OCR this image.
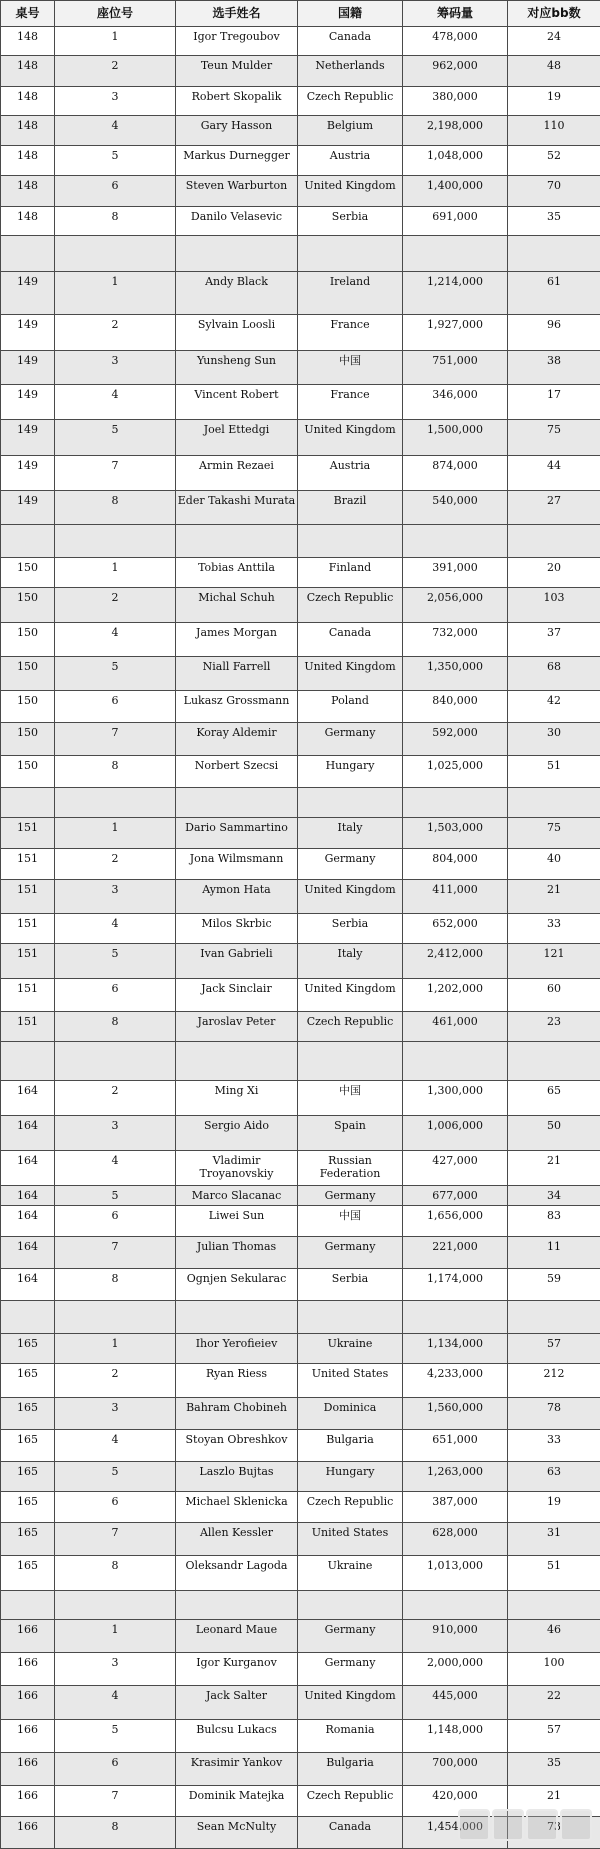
桌号	座位号	选手姓名	国籍	筹码量	对应bb数
148	1	Igor Tregoubov	Canada	478,000	24
148	2	Teun Mulder	Netherlands	962,000	48
148	3	Robert Skopalik	Czech Republic	380,000	19
148	4	Gary Hasson	Belgium	2,198,000	110
148	5	Markus Durnegger	Austria	1,048,000	52
148	6	Steven Warburton	United Kingdom	1,400,000	70
148	8	Danilo Velasevic	Serbia	691,000	35

149	1	Andy Black	Ireland	1,214,000	61
149	2	Sylvain Loosli	France	1,927,000	96
149	3	Yunsheng Sun	中国	751,000	38
149	4	Vincent Robert	France	346,000	17
149	5	Joel Ettedgi	United Kingdom	1,500,000	75
149	7	Armin Rezaei	Austria	874,000	44
149	8	Eder Takashi Murata	Brazil	540,000	27

150	1	Tobias Anttila	Finland	391,000	20
150	2	Michal Schuh	Czech Republic	2,056,000	103
150	4	James Morgan	Canada	732,000	37
150	5	Niall Farrell	United Kingdom	1,350,000	68
150	6	Lukasz Grossmann	Poland	840,000	42
150	7	Koray Aldemir	Germany	592,000	30
150	8	Norbert Szecsi	Hungary	1,025,000	51

151	1	Dario Sammartino	Italy	1,503,000	75
151	2	Jona Wilmsmann	Germany	804,000	40
151	3	Aymon Hata	United Kingdom	411,000	21
151	4	Milos Skrbic	Serbia	652,000	33
151	5	Ivan Gabrieli	Italy	2,412,000	121
151	6	Jack Sinclair	United Kingdom	1,202,000	60
151	8	Jaroslav Peter	Czech Republic	461,000	23

164	2	Ming Xi	中国	1,300,000	65
164	3	Sergio Aido	Spain	1,006,000	50
164	4	Vladimir Troyanovskiy	Russian Federation	427,000	21
164	5	Marco Slacanac	Germany	677,000	34
164	6	Liwei Sun	中国	1,656,000	83
164	7	Julian Thomas	Germany	221,000	11
164	8	Ognjen Sekularac	Serbia	1,174,000	59

165	1	Ihor Yerofieiev	Ukraine	1,134,000	57
165	2	Ryan Riess	United States	4,233,000	212
165	3	Bahram Chobineh	Dominica	1,560,000	78
165	4	Stoyan Obreshkov	Bulgaria	651,000	33
165	5	Laszlo Bujtas	Hungary	1,263,000	63
165	6	Michael Sklenicka	Czech Republic	387,000	19
165	7	Allen Kessler	United States	628,000	31
165	8	Oleksandr Lagoda	Ukraine	1,013,000	51

166	1	Leonard Maue	Germany	910,000	46
166	3	Igor Kurganov	Germany	2,000,000	100
166	4	Jack Salter	United Kingdom	445,000	22
166	5	Bulcsu Lukacs	Romania	1,148,000	57
166	6	Krasimir Yankov	Bulgaria	700,000	35
166	7	Dominik Matejka	Czech Republic	420,000	21
166	8	Sean McNulty	Canada	1,454,000	73
